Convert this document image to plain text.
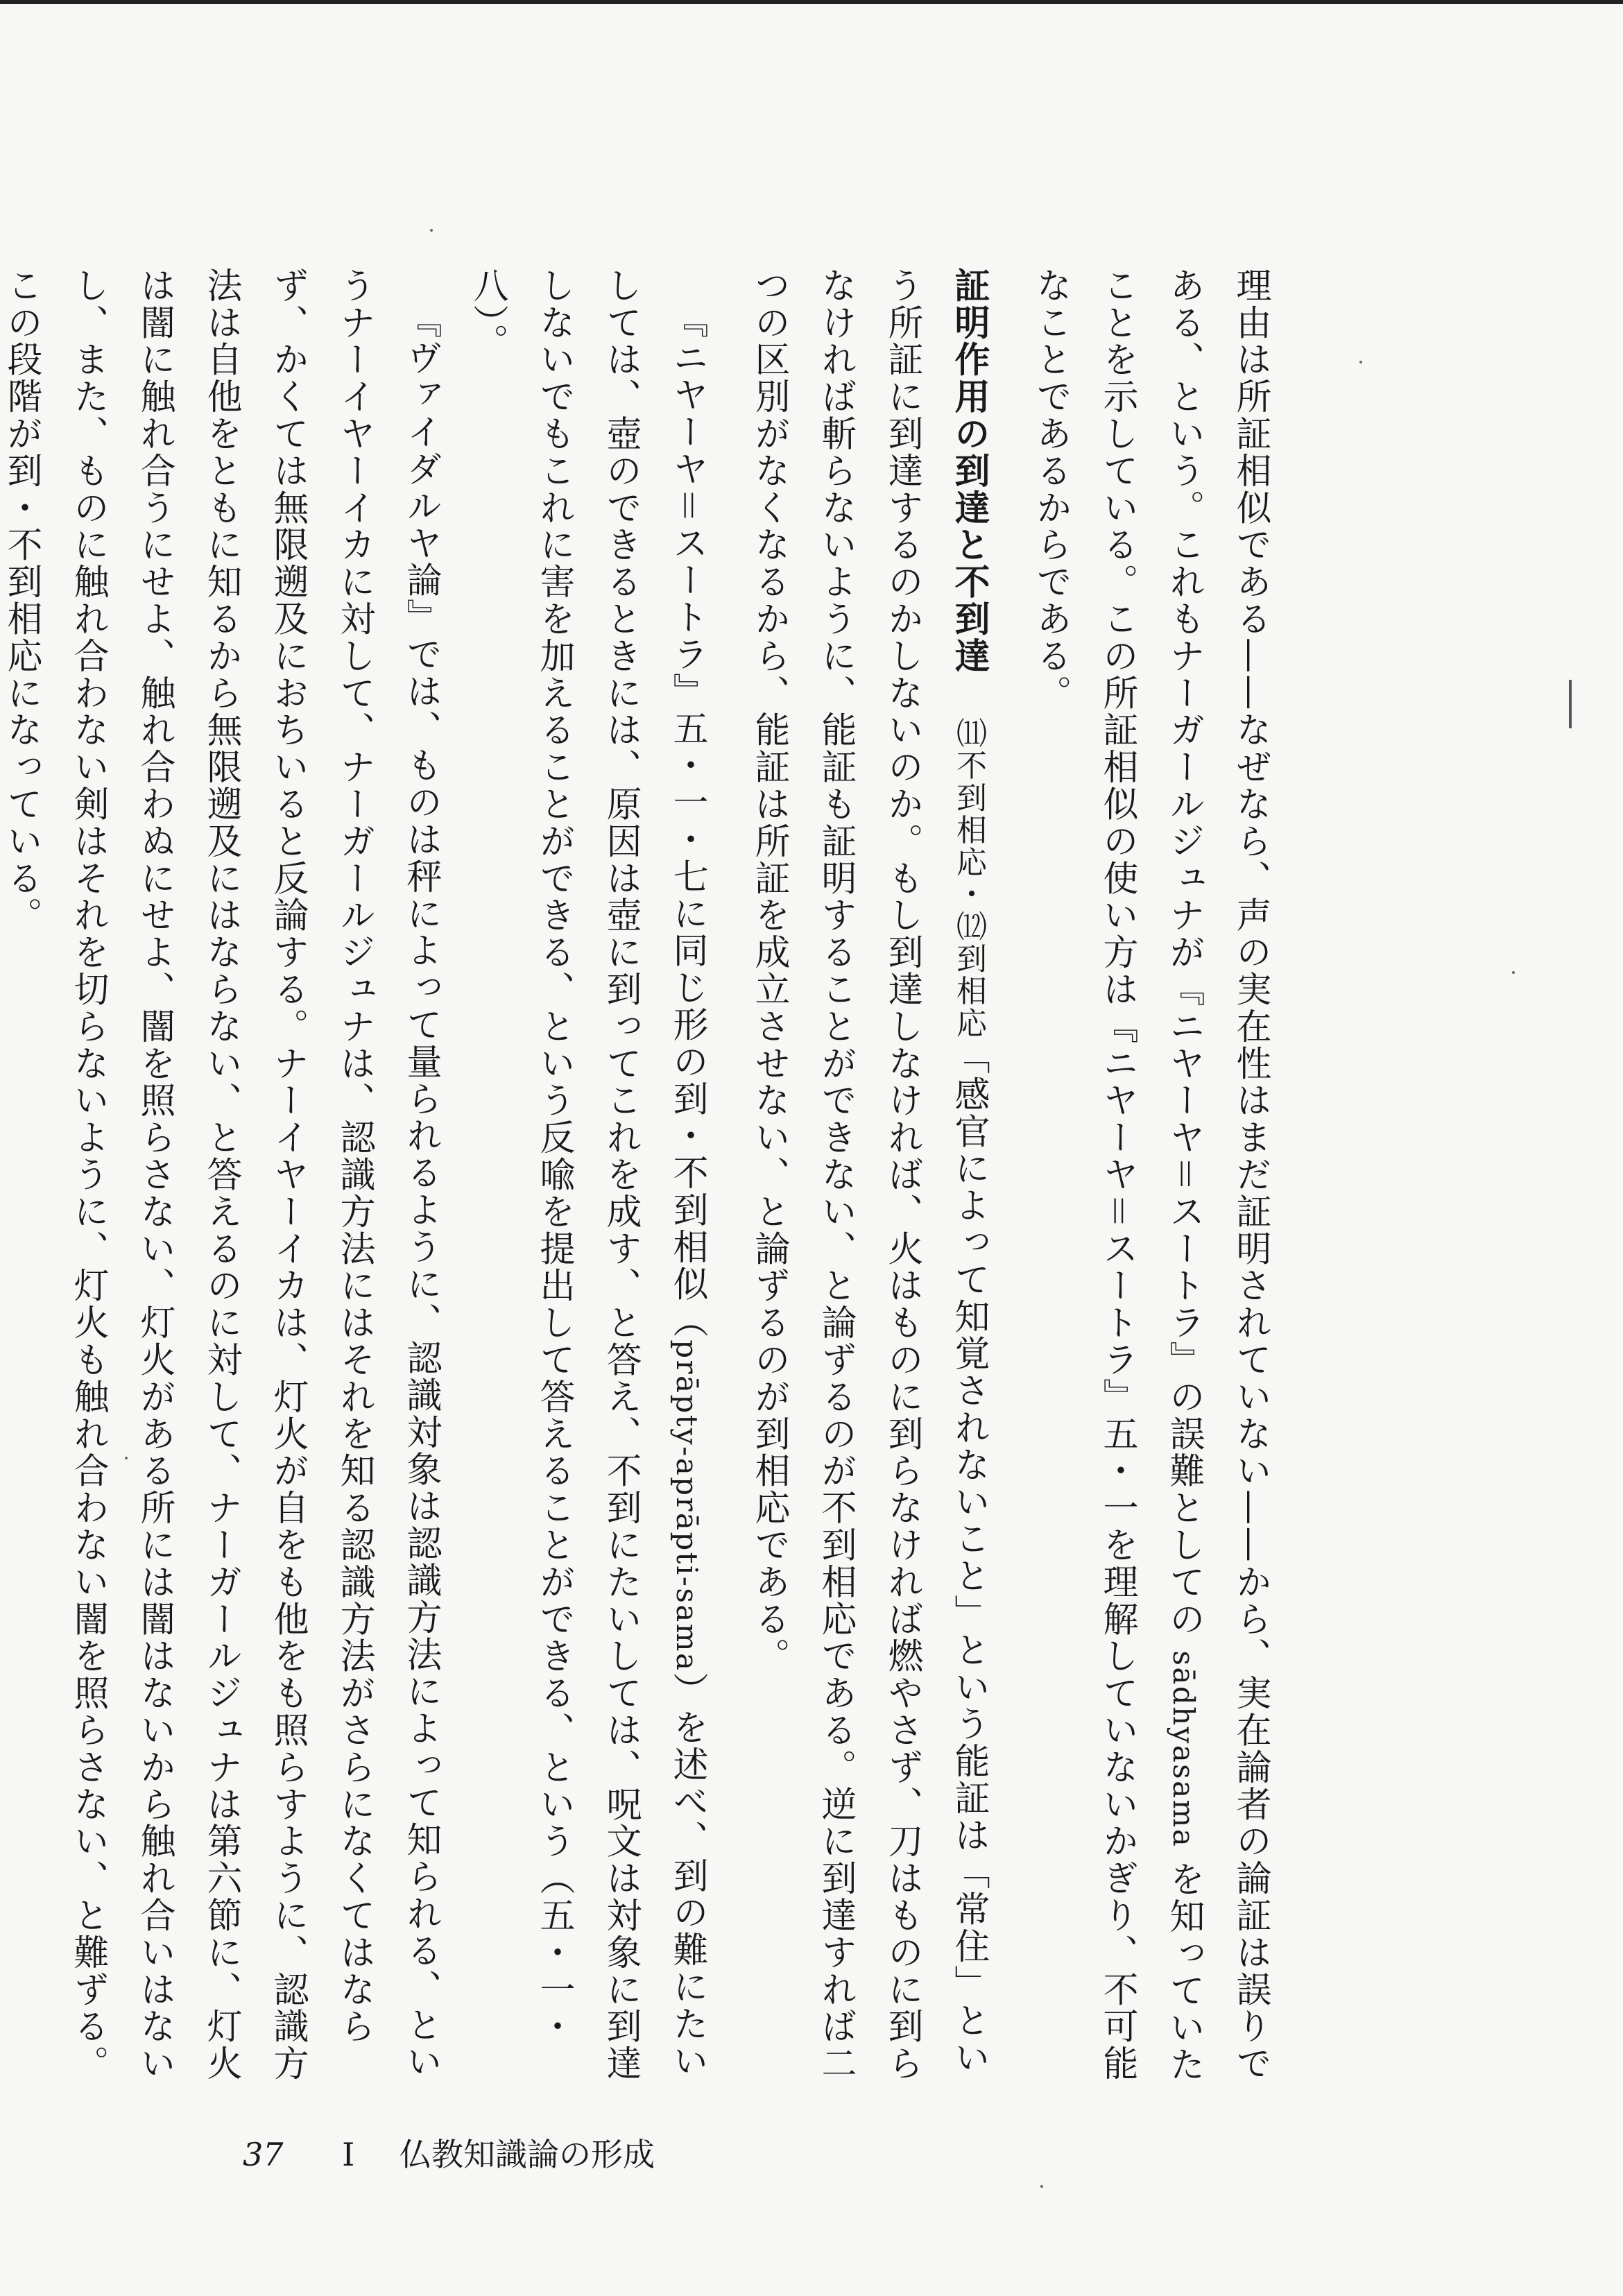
理由は所証相似である——なぜなら、声の実在性はまだ証明されていない——から、実在論者の論証は誤りである、という。これもナーガールジュナが『ニヤーヤ＝スートラ』の誤難としての sādhyasama を知っていたことを示している。この所証相似の使い方は『ニヤーヤ＝スートラ』五・一を理解していないかぎり、不可能なことであるからである。

証明作用の到達と不到達⑾不到相応・⑿到相応「感官によって知覚されないこと」という能証は「常住」という所証に到達するのかしないのか。もし到達しなければ、火はものに到らなければ燃やさず、刀はものに到らなければ斬らないように、能証も証明することができない、と論ずるのが不到相応である。逆に到達すれば二つの区別がなくなるから、能証は所証を成立させない、と論ずるのが到相応である。

『ニヤーヤ＝スートラ』五・一・七に同じ形の到・不到相似（prāpty-aprāpti-sama）を述べ、到の難にたいしては、壺のできるときには、原因は壺に到ってこれを成す、と答え、不到にたいしては、呪文は対象に到達しないでもこれに害を加えることができる、という反喩を提出して答えることができる、という（五・一・八）。

『ヴァイダルヤ論』では、ものは秤によって量られるように、認識対象は認識方法によって知られる、というナーイヤーイカに対して、ナーガールジュナは、認識方法にはそれを知る認識方法がさらになくてはならず、かくては無限遡及におちいると反論する。ナーイヤーイカは、灯火が自をも他をも照らすように、認識方法は自他をともに知るから無限遡及にはならない、と答えるのに対して、ナーガールジュナは第六節に、灯火は闇に触れ合うにせよ、触れ合わぬにせよ、闇を照らさない、灯火がある所には闇はないから触れ合いはないし、また、ものに触れ合わない剣はそれを切らないように、灯火も触れ合わない闇を照らさない、と難ずる。この段階が到・不到相応になっている。

37 I 仏教知識論の形成
